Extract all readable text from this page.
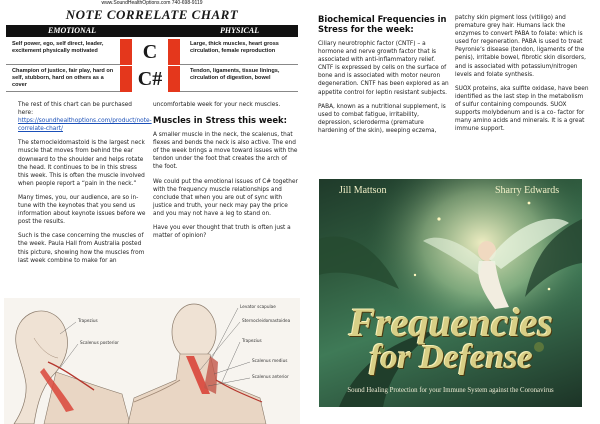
www.SoundHealthOptions.com 740-698-9119
NOTE CORRELATE CHART
EMOTIONAL	PHYSICAL
Self power, ego, self direct, leader, excitement physically motivated	C	Large, thick muscles, heart gross circulation, female reproduction
Champion of justice, fair play, hard on self, stubborn, hard on others as a cover	C#	Tendon, ligaments, tissue linings, circulation of digestion, bowel

The rest of this chart can be purchased here:
https://soundhealthoptions.com/product/note-correlate-chart/

The sternocleidomastoid is the largest neck muscle that moves from behind the ear downward to the shoulder and helps rotate the head. It continues to be in this stress this week. This is often the muscle involved when people report a “pain in the neck.”

Many times, you, our audience, are so in-tune with the keynotes that you send us information about keynote issues before we post the results.

Such is the case concerning the muscles of the week. Paula Hall from Australia posted this picture, showing how the muscles from last week combine to make for an

uncomfortable week for your neck muscles.

Muscles in Stress this week:

A smaller muscle in the neck, the scalenus, that flexes and bends the neck is also active. The end of the week brings a move toward issues with the tendon under the foot that creates the arch of the foot.

We could put the emotional issues of C# together with the frequency muscle relationships and conclude that when you are out of sync with justice and truth, your neck may pay the price and you may not have a leg to stand on.

Have you ever thought that truth is often just a matter of opinion?

Biochemical Frequencies in Stress for the week:

Ciliary neurotrophic factor (CNTF) – a hormone and nerve growth factor that is associated with anti-inflammatory relief. CNTF is expressed by cells on the surface of bone and is associated with motor neuron degeneration. CNTF has been explored as an appetite control for leptin resistant subjects.

PABA, known as a nutritional supplement, is used to combat fatigue, irritability, depression, scleroderma (premature hardening of the skin), weeping eczema,

patchy skin pigment loss (vitiligo) and premature grey hair. Humans lack the enzymes to convert PABA to folate: which is used for regeneration. PABA is used to treat Peyronie’s disease (tendon, ligaments of the penis), irritable bowel, fibrotic skin disorders, and is associated with potassium/nitrogen levels and folate synthesis.

SUOX proteins, aka sulfite oxidase, have been identified as the last step in the metabolism of sulfur containing compounds. SUOX supports molybdenum and is a co- factor for many amino acids and minerals. It is a great immune support.

Trapezius
Scalenus posterior
Levator scapulae
Sternocleidomastoidea
Trapezius
Scalenus medius
Scalenus anterior
Jill Mattson	Sharry Edwards
Frequencies
for Defense
Sound Healing Protection for your Immune System against the Coronavirus
